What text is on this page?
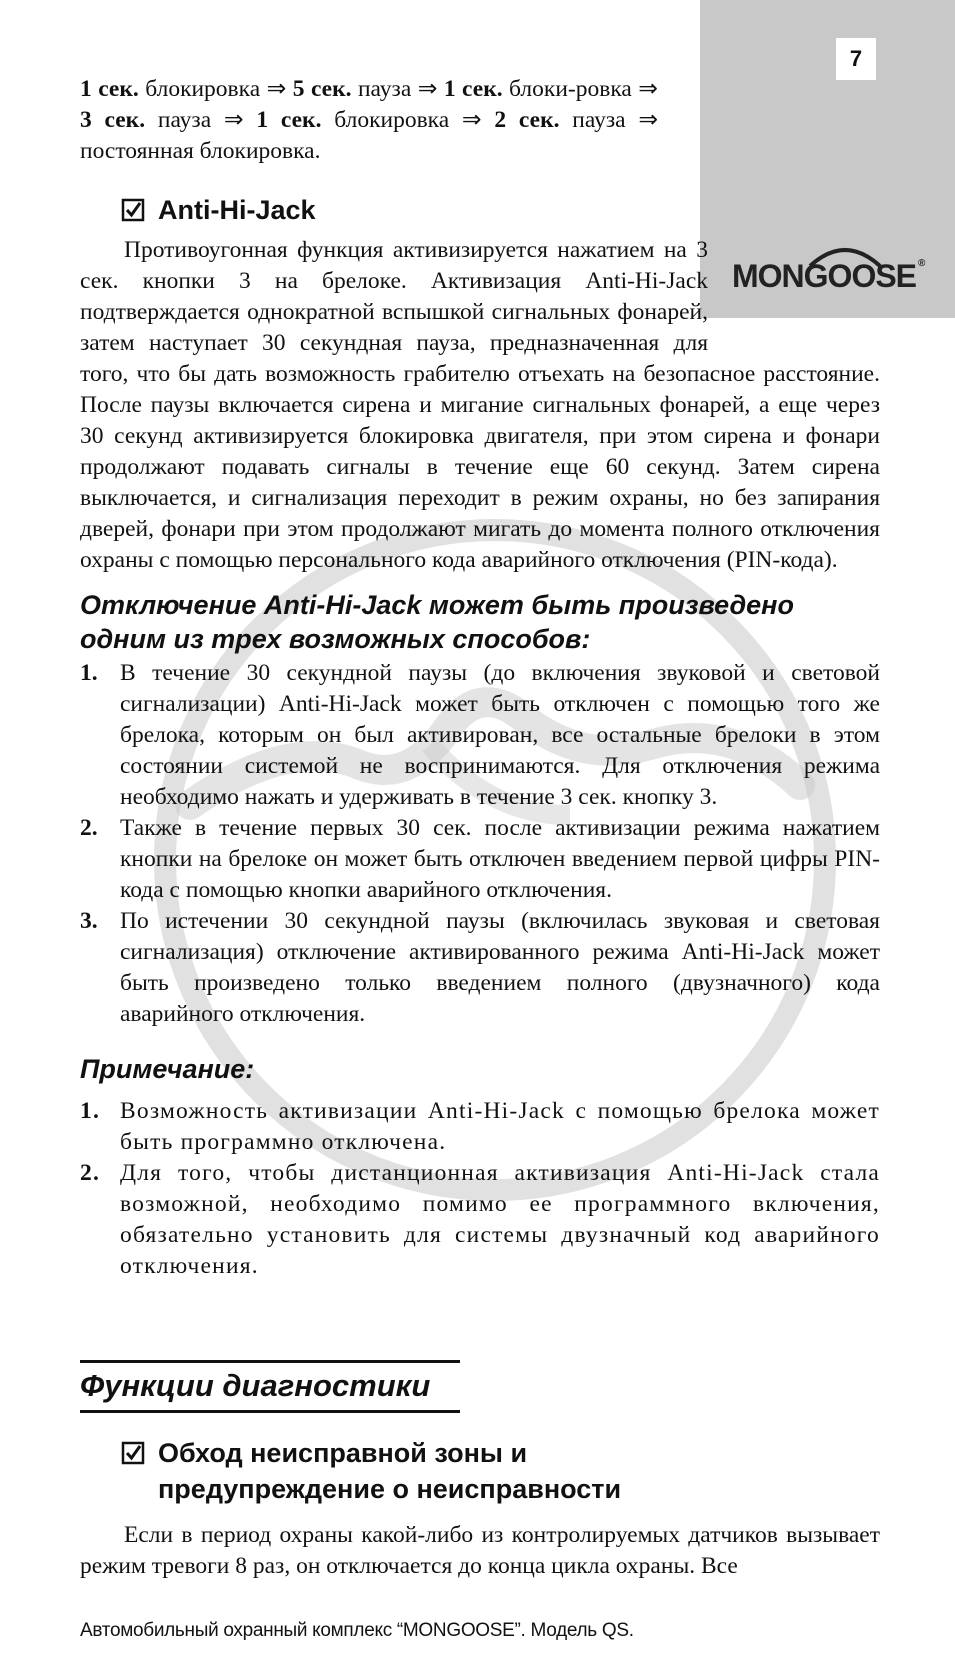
7
MONGOOSE ®
1 сек. блокировка ⇒ 5 сек. пауза ⇒ 1 сек. блоки-ровка ⇒ 3 сек. пауза ⇒ 1 сек. блокировка ⇒ 2 сек. пауза ⇒ постоянная блокировка.
Anti-Hi-Jack
Противоугонная функция активизируется нажатием на 3 сек. кнопки 3 на брелоке. Активизация Anti-Hi-Jack подтверждается однократной вспышкой сигнальных фонарей, затем наступает 30 секундная пауза, предназначенная для того, что бы дать возможность грабителю отъехать на безопасное расстояние. После паузы включается сирена и мигание сигнальных фонарей, а еще через 30 секунд активизируется блокировка двигателя, при этом сирена и фонари продолжают подавать сигналы в течение еще 60 секунд. Затем сирена выключается, и сигнализация переходит в режим охраны, но без запирания дверей, фонари при этом продолжают мигать до момента полного отключения охраны с помощью персонального кода аварийного отключения (PIN-кода).
Отключение Anti-Hi-Jack может быть произведено одним из трех возможных способов:
1. В течение 30 секундной паузы (до включения звуковой и световой сигнализации) Anti-Hi-Jack может быть отключен с помощью того же брелока, которым он был активирован, все остальные брелоки в этом состоянии системой не воспринимаются. Для отключения режима необходимо нажать и удерживать в течение 3 сек. кнопку 3.
2. Также в течение первых 30 сек. после активизации режима нажатием кнопки на брелоке он может быть отключен введением первой цифры PIN-кода с помощью кнопки аварийного отключения.
3. По истечении 30 секундной паузы (включилась звуковая и световая сигнализация) отключение активированного режима Anti-Hi-Jack может быть произведено только введением полного (двузначного) кода аварийного отключения.
Примечание:
1. Возможность активизации Anti-Hi-Jack с помощью брелока может быть программно отключена.
2. Для того, чтобы дистанционная активизация Anti-Hi-Jack стала возможной, необходимо помимо ее программного включения, обязательно установить для системы двузначный код аварийного отключения.
Функции диагностики
Обход неисправной зоны и
предупреждение о неисправности
Если в период охраны какой-либо из контролируемых датчиков вызывает режим тревоги 8 раз, он отключается до конца цикла охраны. Все
Автомобильный охранный комплекс “MONGOOSE”. Модель QS.
